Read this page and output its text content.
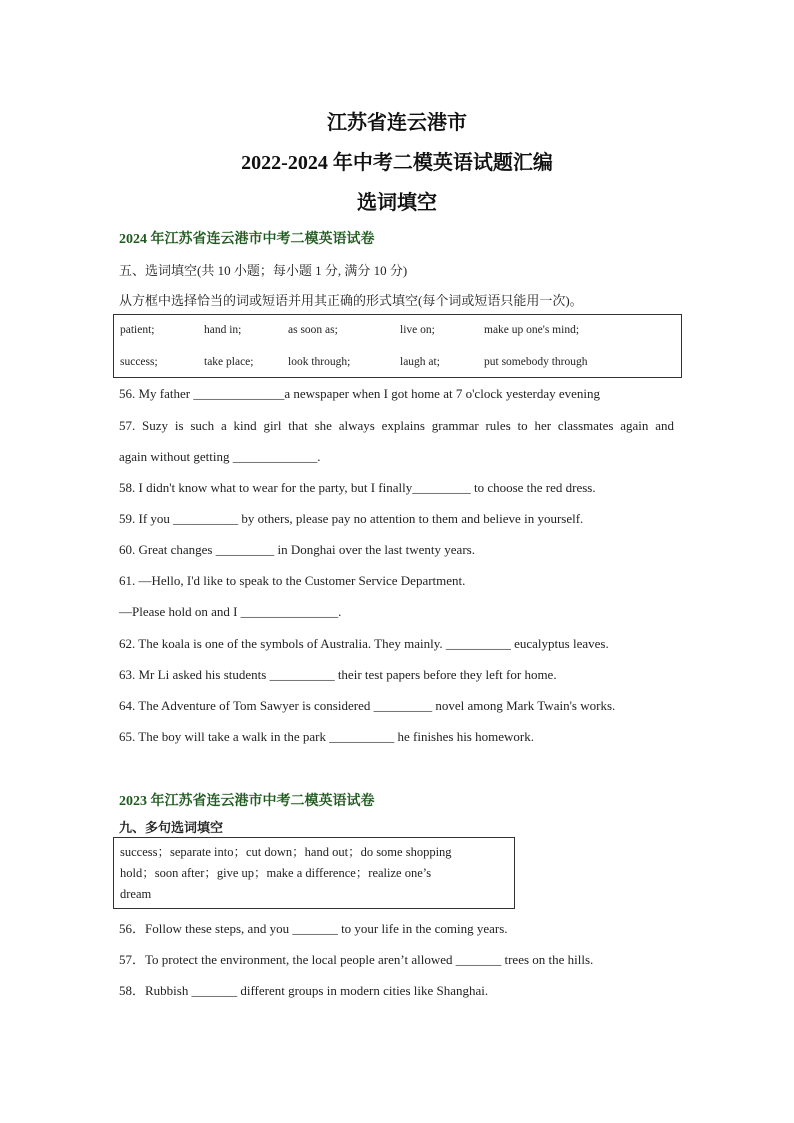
江苏省连云港市
2022-2024 年中考二模英语试题汇编
选词填空
2024 年江苏省连云港市中考二模英语试卷
五、选词填空(共 10 小题；每小题 1 分, 满分 10 分)
从方框中选择恰当的词或短语并用其正确的形式填空(每个词或短语只能用一次)。
patient;	hand in;	as soon as;	live on;	make up one's mind;
success;	take place;	look through;	laugh at;	put somebody through
56. My father ______________a newspaper when I got home at 7 o'clock yesterday evening
57. Suzy is such a kind girl that she always explains grammar rules to her classmates again and
again without getting _____________.
58. I didn't know what to wear for the party, but I finally_________ to choose the red dress.
59. If you __________ by others, please pay no attention to them and believe in yourself.
60. Great changes _________ in Donghai over the last twenty years.
61. —Hello, I'd like to speak to the Customer Service Department.
—Please hold on and I _______________.
62. The koala is one of the symbols of Australia. They mainly. __________ eucalyptus leaves.
63. Mr Li asked his students __________ their test papers before they left for home.
64. The Adventure of Tom Sawyer is considered _________ novel among Mark Twain's works.
65. The boy will take a walk in the park __________ he finishes his homework.
2023 年江苏省连云港市中考二模英语试卷
九、多句选词填空
success；separate into；cut down；hand out；do some shopping
hold；soon after；give up；make a difference；realize one’s
dream
56．Follow these steps, and you _______ to your life in the coming years.
57．To protect the environment, the local people aren’t allowed _______ trees on the hills.
58．Rubbish _______ different groups in modern cities like Shanghai.
